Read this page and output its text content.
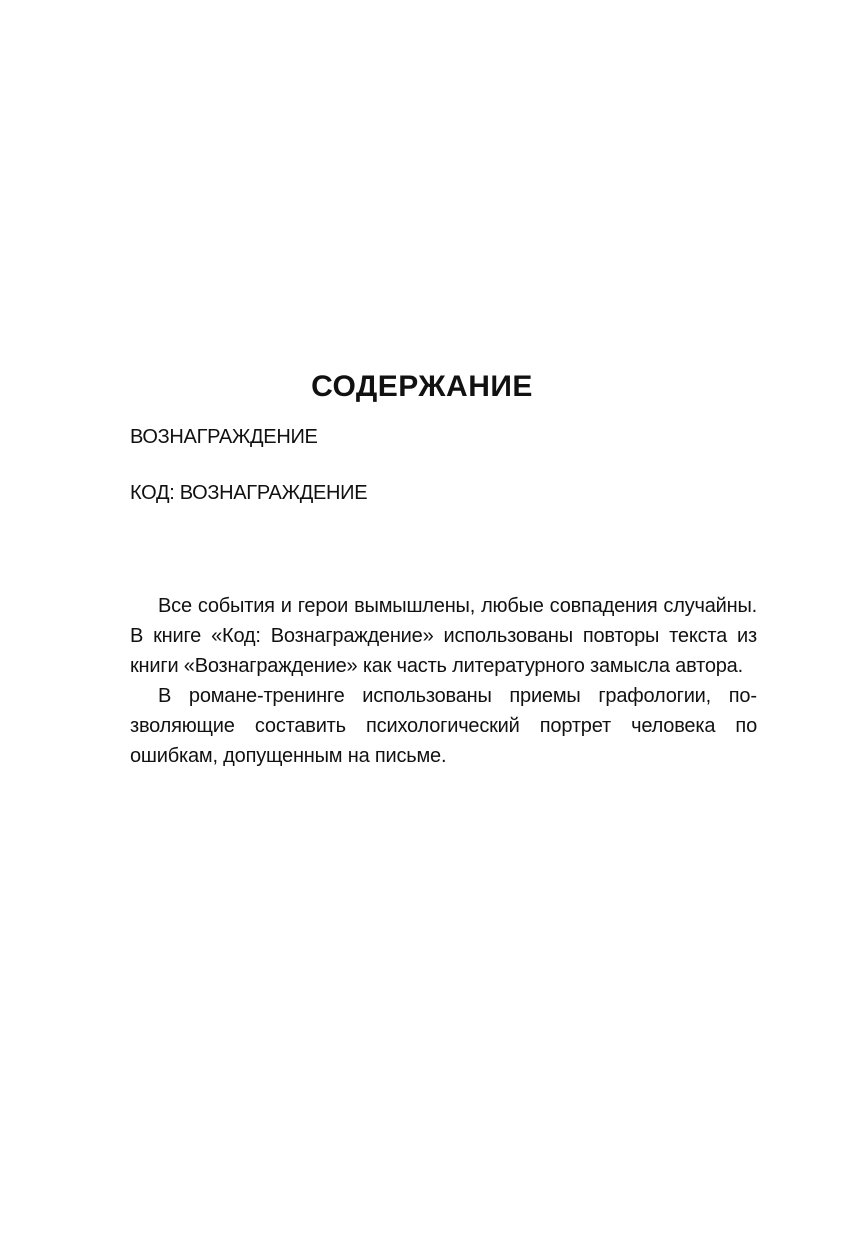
СОДЕРЖАНИЕ
ВОЗНАГРАЖДЕНИЕ
КОД: ВОЗНАГРАЖДЕНИЕ

Все события и герои вымышлены, любые совпадения случайны. В книге «Код: Вознаграждение» использованы повторы текста из книги «Вознаграждение» как часть литературного замысла автора.

В романе-тренинге использованы приемы графологии, позволяющие составить психологический портрет человека по ошибкам, допущенным на письме.
